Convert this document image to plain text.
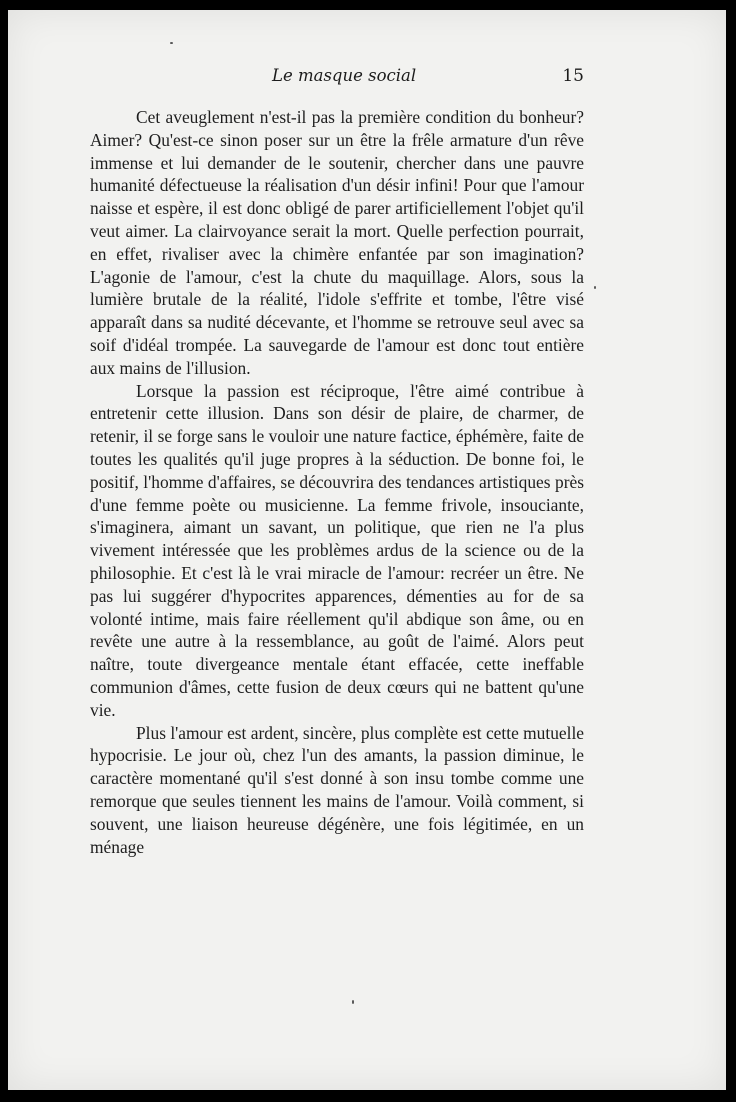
Le masque social	15

Cet aveuglement n'est-il pas la première condition du bonheur? Aimer? Qu'est-ce sinon poser sur un être la frêle armature d'un rêve immense et lui demander de le soutenir, chercher dans une pauvre humanité défectueuse la réalisation d'un désir infini! Pour que l'amour naisse et espère, il est donc obligé de parer artificiellement l'objet qu'il veut aimer. La clairvoyance serait la mort. Quelle perfection pourrait, en effet, rivaliser avec la chimère enfantée par son imagination? L'agonie de l'amour, c'est la chute du maquillage. Alors, sous la lumière brutale de la réalité, l'idole s'effrite et tombe, l'être visé apparaît dans sa nudité décevante, et l'homme se retrouve seul avec sa soif d'idéal trompée. La sauvegarde de l'amour est donc tout entière aux mains de l'illusion.

Lorsque la passion est réciproque, l'être aimé contribue à entretenir cette illusion. Dans son désir de plaire, de charmer, de retenir, il se forge sans le vouloir une nature factice, éphémère, faite de toutes les qualités qu'il juge propres à la séduction. De bonne foi, le positif, l'homme d'affaires, se découvrira des tendances artistiques près d'une femme poète ou musicienne. La femme frivole, insouciante, s'imaginera, aimant un savant, un politique, que rien ne l'a plus vivement intéressée que les problèmes ardus de la science ou de la philosophie. Et c'est là le vrai miracle de l'amour: recréer un être. Ne pas lui suggérer d'hypocrites apparences, démenties au for de sa volonté intime, mais faire réellement qu'il abdique son âme, ou en revête une autre à la ressemblance, au goût de l'aimé. Alors peut naître, toute divergeance mentale étant effacée, cette ineffable communion d'âmes, cette fusion de deux cœurs qui ne battent qu'une vie.

Plus l'amour est ardent, sincère, plus complète est cette mutuelle hypocrisie. Le jour où, chez l'un des amants, la passion diminue, le caractère momentané qu'il s'est donné à son insu tombe comme une remorque que seules tiennent les mains de l'amour. Voilà comment, si souvent, une liaison heureuse dégénère, une fois légitimée, en un ménage
